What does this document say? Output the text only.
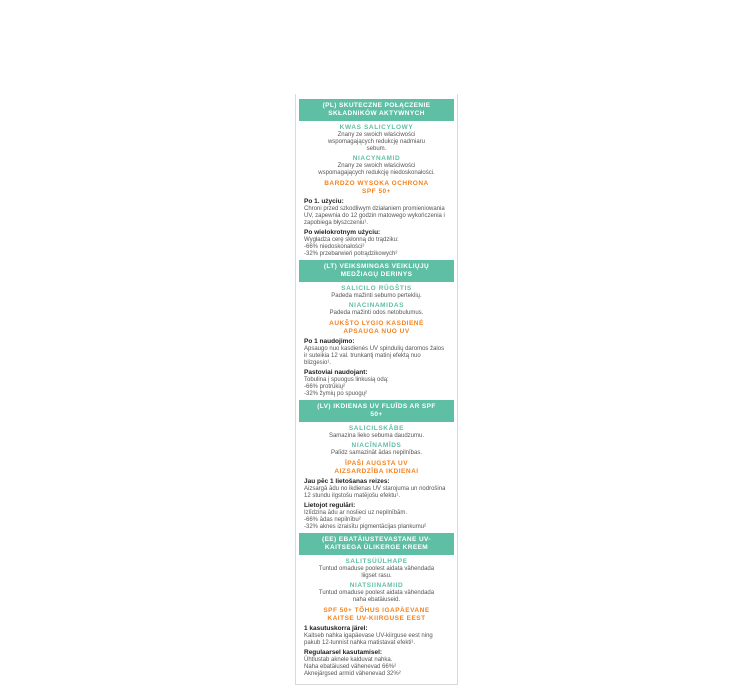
(PL) SKUTECZNE POŁĄCZENIE SKŁADNIKÓW AKTYWNYCH
KWAS SALICYLOWY
Znany ze swoich właściwości wspomagających redukcję nadmiaru sebum.
NIACYNAMID
Znany ze swoich właściwości wspomagających redukcję niedoskonałości.
BARDZO WYSOKA OCHRONA SPF 50+
Po 1. użyciu:
Chroni przed szkodliwym działaniem promieniowania UV, zapewnia do 12 godzin matowego wykończenia i zapobiega błyszczeniu¹.
Po wielokrotnym użyciu:
Wygładza cerę skłonną do trądziku:
-66% niedoskonałości²
-32% przebarwień potrądzikowych²
(LT) VEIKSMINGAS VEIKLIŲJŲ MEDŽIAGŲ DERINYS
SALICILO RŪGŠTIS
Padeda mažinti sebumo perteklių.
NIACINAMIDAS
Padeda mažinti odos netobulumus.
AUKŠTO LYGIO KASDIENĖ APSAUGA NUO UV
Po 1 naudojimo:
Apsaugo nuo kasdienės UV spindulių daromos žalos ir suteikia 12 val. trunkantį matinį efektą nuo blizgesio¹.
Pastoviai naudojant:
Tobulina į spuogus linkusią odą:
-66% protrūkių²
-32% žymių po spuogų²
(LV) IKDIENAS UV FLUĪDS AR SPF 50+
SALICILSKĀBE
Samazina lieko sebuma daudzumu.
NIACĪNAMĪDS
Palīdz samazināt ādas nepilnības.
ĪPAŠI AUGSTA UV AIZSARDZĪBA IKDIENAI
Jau pēc 1 lietošanas reizes:
Aizsargā ādu no ikdienas UV starojuma un nodrošina 12 stundu ilgstošu matējošu efektu¹.
Lietojot regulāri:
Izlīdzina ādu ar noslieci uz nepilnībām.
-66% ādas nepilnību²
-32% aknes izraisītu pigmentācijas plankumu²
(EE) EBATÄIUSTEVASTANE UV-KAITSEGA ÜLIKERGE KREEM
SALITSÜÜLHAPE
Tuntud omaduse poolest aidata vähendada liigset rasu.
NIATSIINAMIID
Tuntud omaduse poolest aidata vähendada naha ebatäiuseid.
SPF 50+ TÕHUS IGAPÄEVANE KAITSE UV-KIIRGUSE EEST
1 kasutuskorra järel:
Kaitseb nahka igapäevase UV-kiirguse eest ning pakub 12-tunnist nahka matistavat efekti¹.
Regulaarsel kasutamisel:
Ühtlustab aknele kalduvat nahka.
Naha ebatäiused vähenevad 66%²
Aknejärgsed armid vähenevad 32%²
